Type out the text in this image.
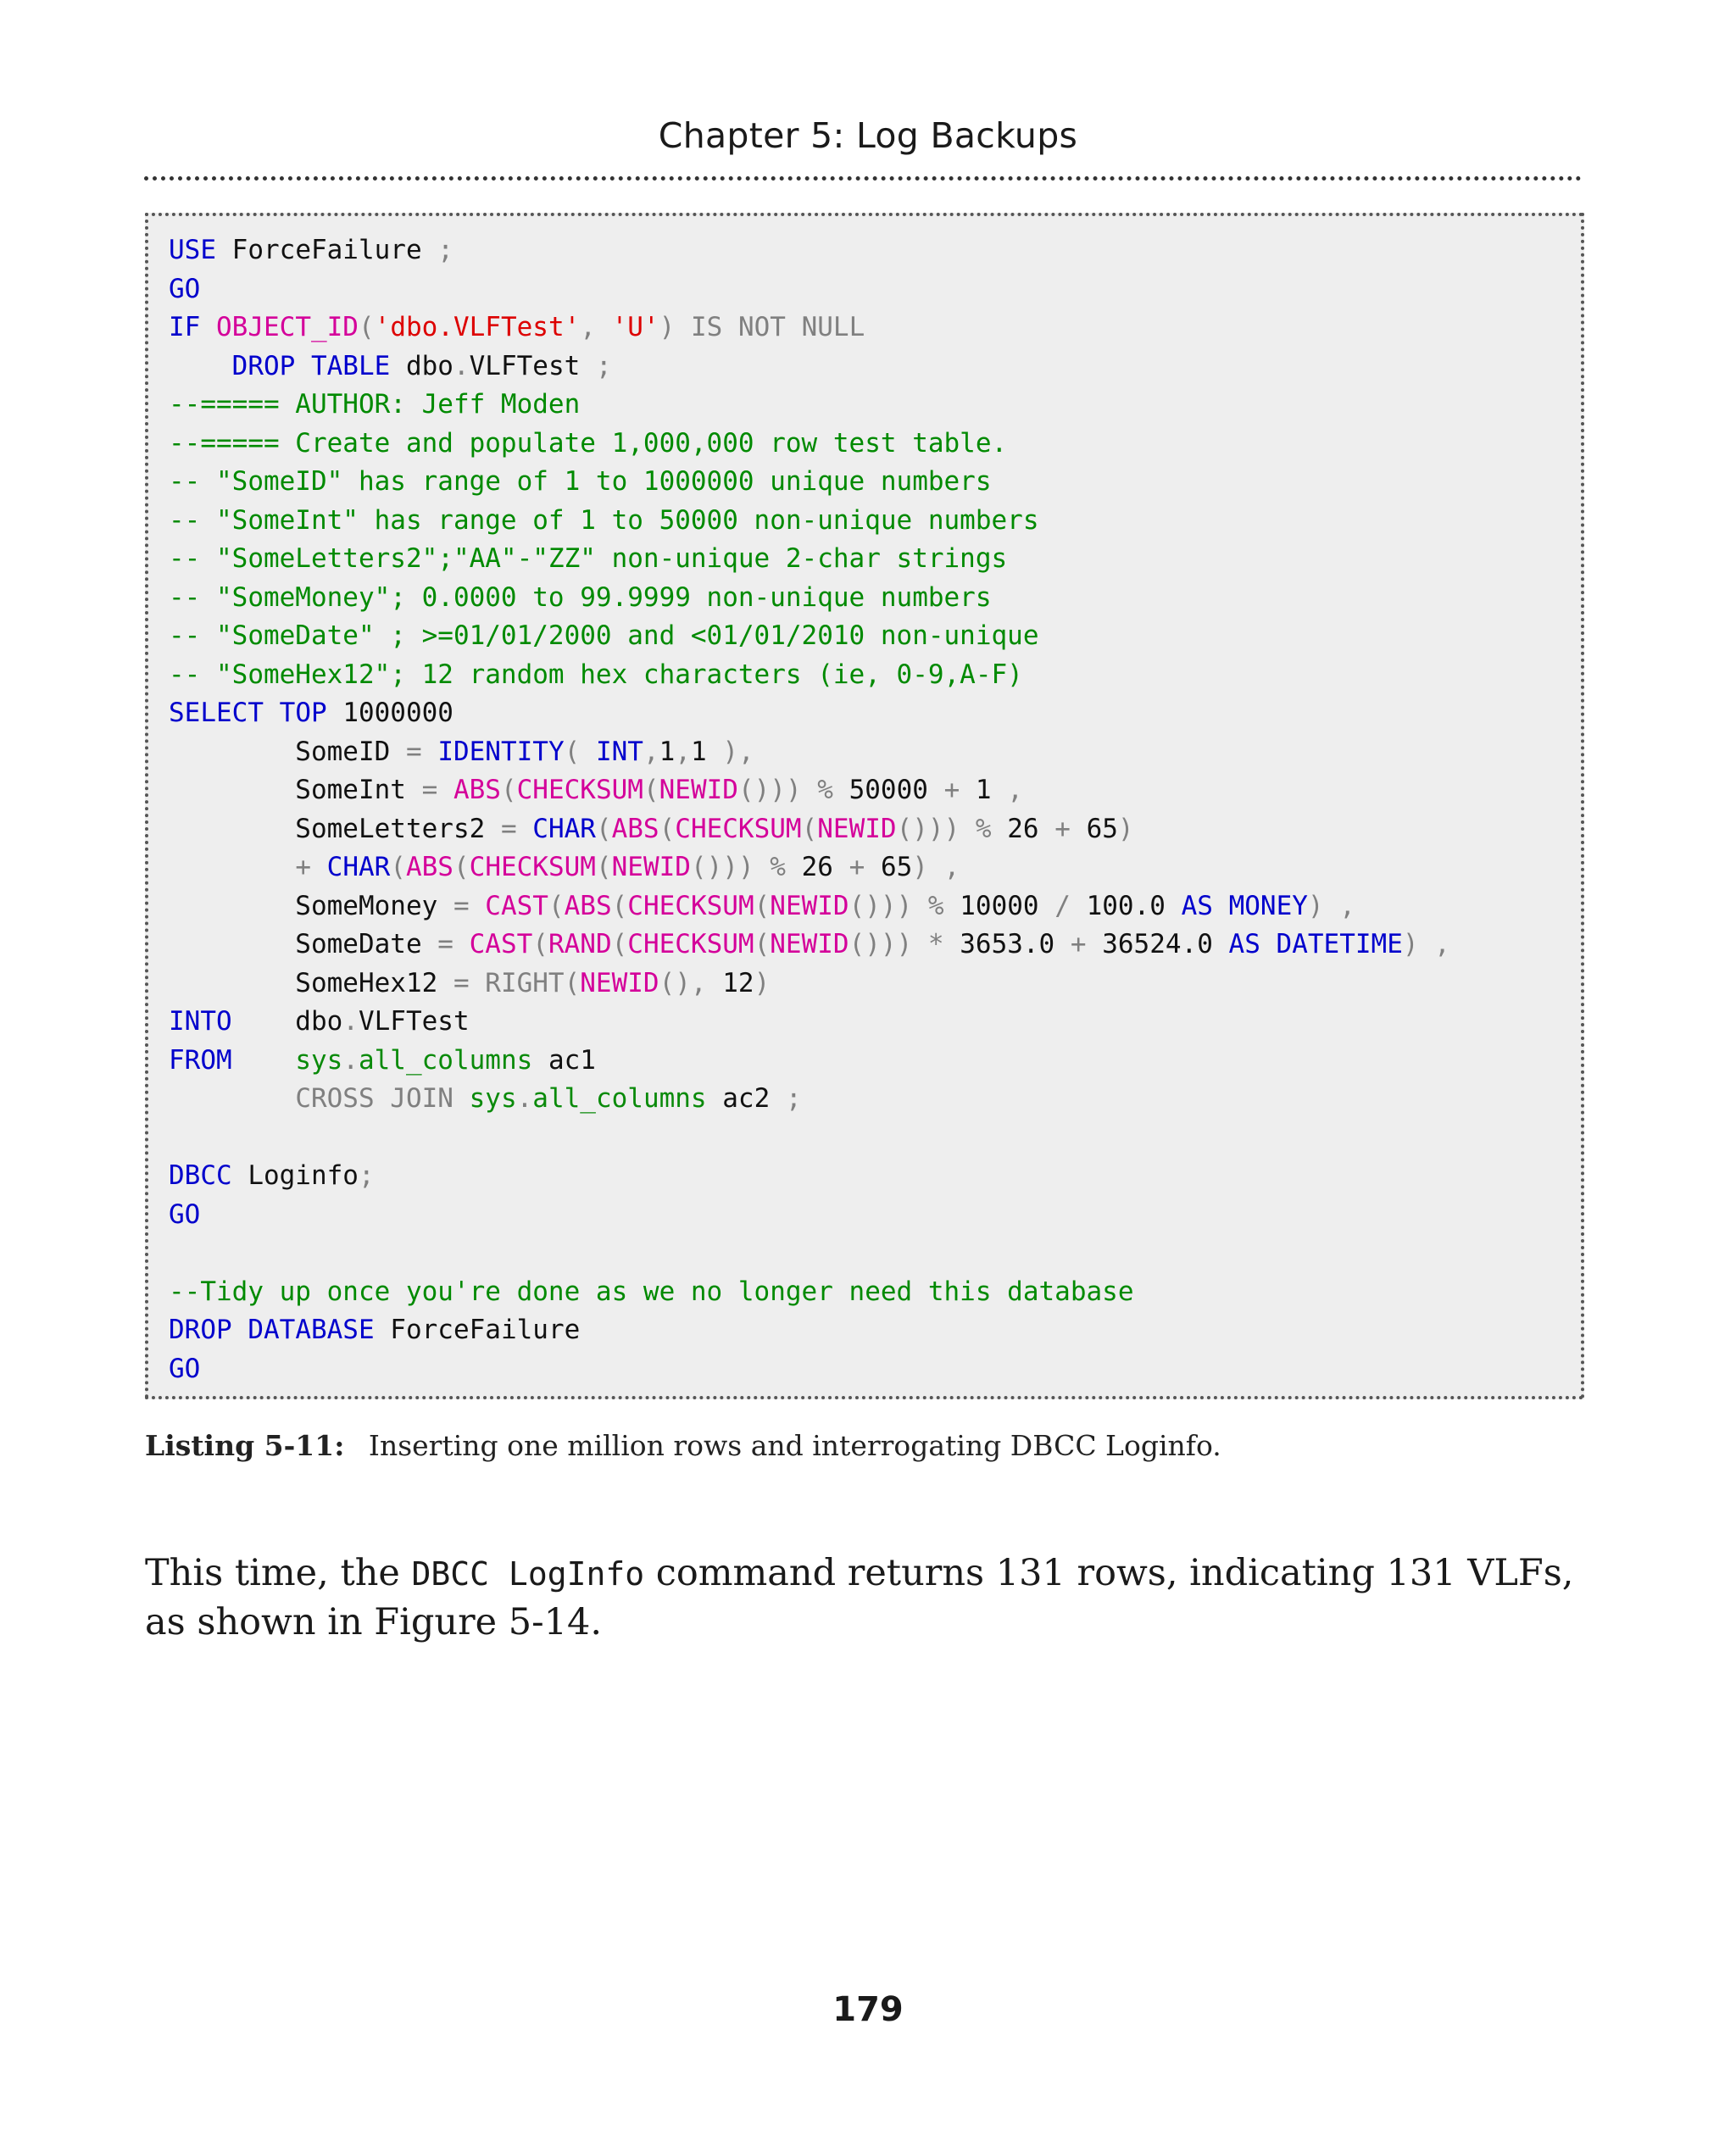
Chapter 5: Log Backups
USE ForceFailure ;
GO
IF OBJECT_ID('dbo.VLFTest', 'U') IS NOT NULL
DROP TABLE dbo.VLFTest ;
--===== AUTHOR: Jeff Moden
--===== Create and populate 1,000,000 row test table.
-- "SomeID" has range of 1 to 1000000 unique numbers
-- "SomeInt" has range of 1 to 50000 non-unique numbers
-- "SomeLetters2";"AA"-"ZZ" non-unique 2-char strings
-- "SomeMoney"; 0.0000 to 99.9999 non-unique numbers
-- "SomeDate" ; >=01/01/2000 and <01/01/2010 non-unique
-- "SomeHex12"; 12 random hex characters (ie, 0-9,A-F)
SELECT TOP 1000000
SomeID = IDENTITY( INT,1,1 ),
SomeInt = ABS(CHECKSUM(NEWID())) % 50000 + 1 ,
SomeLetters2 = CHAR(ABS(CHECKSUM(NEWID())) % 26 + 65)
+ CHAR(ABS(CHECKSUM(NEWID())) % 26 + 65) ,
SomeMoney = CAST(ABS(CHECKSUM(NEWID())) % 10000 / 100.0 AS MONEY) ,
SomeDate = CAST(RAND(CHECKSUM(NEWID())) * 3653.0 + 36524.0 AS DATETIME) ,
SomeHex12 = RIGHT(NEWID(), 12)
INTO    dbo.VLFTest
FROM sys.all_columns ac1
CROSS JOIN sys.all_columns ac2 ;

DBCC Loginfo;
GO

--Tidy up once you're done as we no longer need this database
DROP DATABASE ForceFailure
GO
Listing 5-11: Inserting one million rows and interrogating DBCC Loginfo.
This time, the DBCC LogInfo command returns 131 rows, indicating 131 VLFs, as shown in Figure 5-14.
179
